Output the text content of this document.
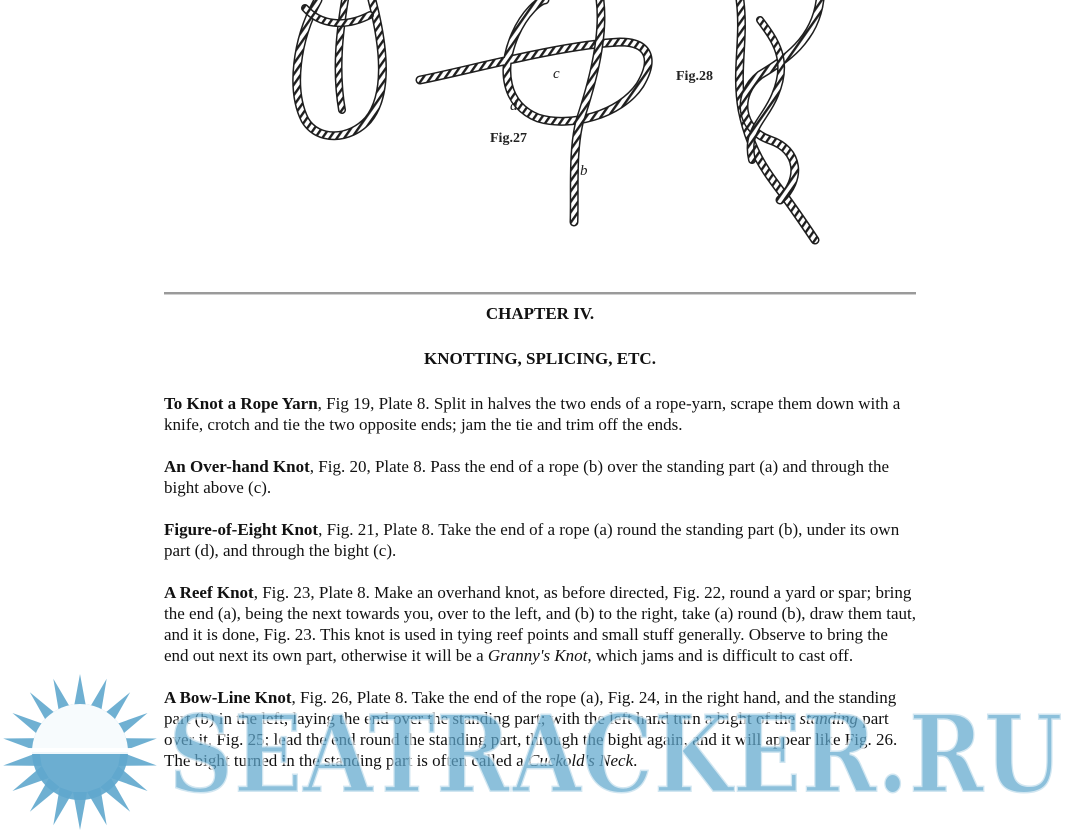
Fig.27
c
d
b
Fig.28
CHAPTER IV.
KNOTTING, SPLICING, ETC.

To Knot a Rope Yarn, Fig 19, Plate 8. Split in halves the two ends of a rope-yarn, scrape them down with a knife, crotch and tie the two opposite ends; jam the tie and trim off the ends.

An Over-hand Knot, Fig. 20, Plate 8. Pass the end of a rope (b) over the standing part (a) and through the bight above (c).

Figure-of-Eight Knot, Fig. 21, Plate 8. Take the end of a rope (a) round the standing part (b), under its own part (d), and through the bight (c).

A Reef Knot, Fig. 23, Plate 8. Make an overhand knot, as before directed, Fig. 22, round a yard or spar; bring the end (a), being the next towards you, over to the left, and (b) to the right, take (a) round (b), draw them taut, and it is done, Fig. 23. This knot is used in tying reef points and small stuff generally. Observe to bring the end out next its own part, otherwise it will be a Granny's Knot, which jams and is difficult to cast off.

A Bow-Line Knot, Fig. 26, Plate 8. Take the end of the rope (a), Fig. 24, in the right hand, and the standing part (b) in the left, laying the end over the standing part; with the left hand turn a bight of the standing part over it, Fig. 25; lead the end round the standing part, through the bight again, and it will appear like Fig. 26. The bight turned in the standing part is often called a Cuckold's Neck.

SEATRACKER.RU
